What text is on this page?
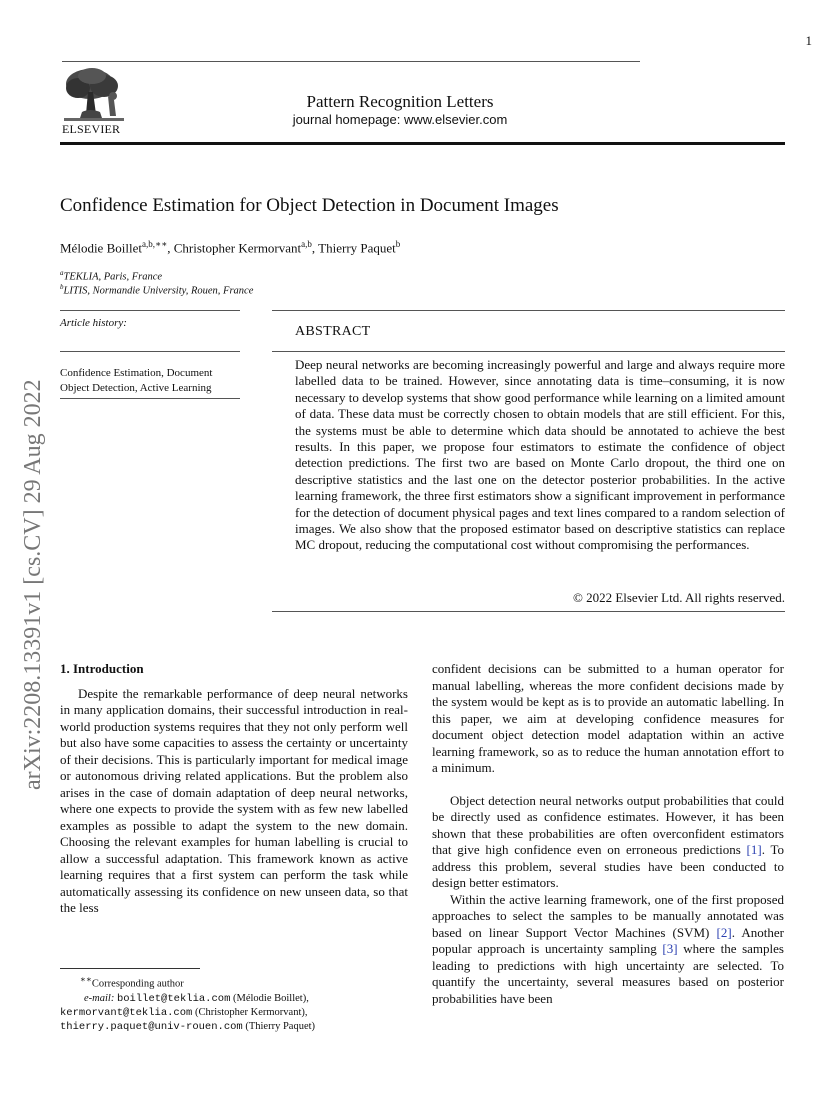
1
ELSEVIER
Pattern Recognition Letters
journal homepage: www.elsevier.com
Confidence Estimation for Object Detection in Document Images
Mélodie Boillet$^{a,b,∗∗}$, Christopher Kermorvant$^{a,b}$, Thierry Paquet$^b$
$^a$TEKLIA, Paris, France
$^b$LITIS, Normandie University, Rouen, France
Article history:
Confidence Estimation, Document Object Detection, Active Learning
ABSTRACT
Deep neural networks are becoming increasingly powerful and large and always require more labelled data to be trained. However, since annotating data is time–consuming, it is now necessary to develop systems that show good performance while learning on a limited amount of data. These data must be correctly chosen to obtain models that are still efficient. For this, the systems must be able to determine which data should be annotated to achieve the best results. In this paper, we propose four estimators to estimate the confidence of object detection predictions. The first two are based on Monte Carlo dropout, the third one on descriptive statistics and the last one on the detector posterior probabilities. In the active learning framework, the three first estimators show a significant improvement in performance for the detection of document physical pages and text lines compared to a random selection of images. We also show that the proposed estimator based on descriptive statistics can replace MC dropout, reducing the computational cost without compromising the performances.
© 2022 Elsevier Ltd. All rights reserved.
arXiv:2208.13391v1 [cs.CV] 29 Aug 2022	1. Introduction

Despite the remarkable performance of deep neural networks in many application domains, their successful introduction in real-world production systems requires that they not only perform well but also have some capacities to assess the certainty or uncertainty of their decisions. This is particularly important for medical image or autonomous driving related applications. But the problem also arises in the case of domain adaptation of deep neural networks, where one expects to provide the system with as few new labelled examples as possible to adapt the system to the new domain. Choosing the relevant examples for human labelling is crucial to allow a successful adaptation. This framework known as active learning requires that a first system can perform the task while automatically assessing its confidence on new unseen data, so that the less

confident decisions can be submitted to a human operator for manual labelling, whereas the more confident decisions made by the system would be kept as is to provide an automatic labelling. In this paper, we aim at developing confidence measures for document object detection model adaptation within an active learning framework, so as to reduce the human annotation effort to a minimum.

Object detection neural networks output probabilities that could be directly used as confidence estimates. However, it has been shown that these probabilities are often overconfident estimators that give high confidence even on erroneous predictions [1]. To address this problem, several studies have been conducted to design better estimators.

Within the active learning framework, one of the first proposed approaches to select the samples to be manually annotated was based on linear Support Vector Machines (SVM) [2]. Another popular approach is uncertainty sampling [3] where the samples leading to predictions with high uncertainty are selected. To quantify the uncertainty, several measures based on posterior probabilities have been

∗∗Corresponding author
e-mail: boillet@teklia.com (Mélodie Boillet),
kermorvant@teklia.com (Christopher Kermorvant),
thierry.paquet@univ-rouen.com (Thierry Paquet)
